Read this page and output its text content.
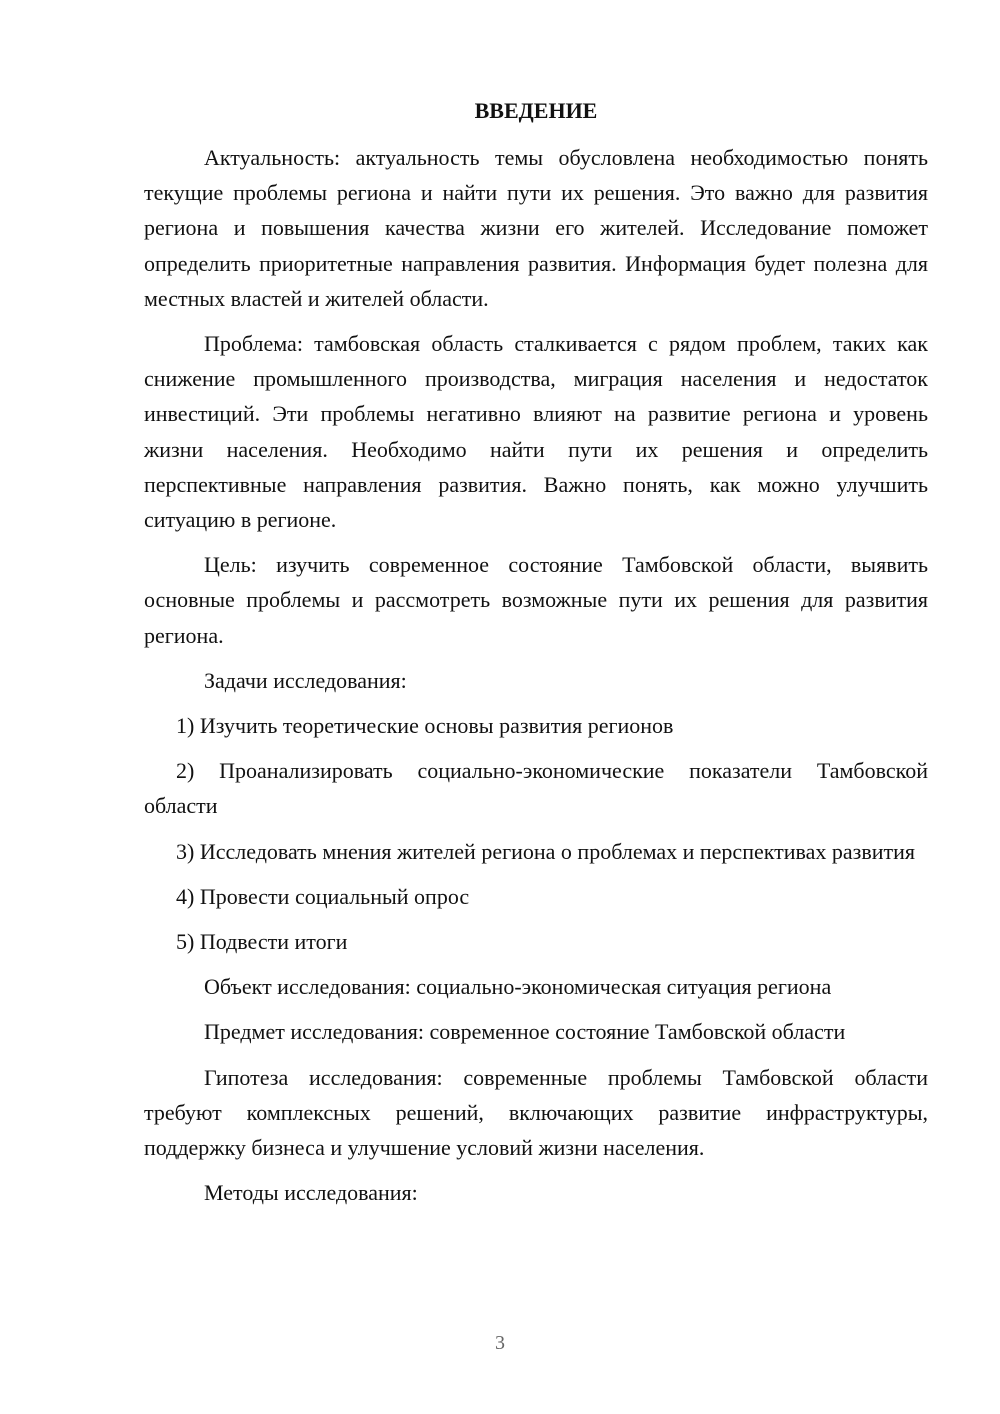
ВВЕДЕНИЕ

Актуальность: актуальность темы обусловлена необходимостью понять текущие проблемы региона и найти пути их решения. Это важно для развития региона и повышения качества жизни его жителей. Исследование поможет определить приоритетные направления развития. Информация будет полезна для местных властей и жителей области.

Проблема: тамбовская область сталкивается с рядом проблем, таких как снижение промышленного производства, миграция населения и недостаток инвестиций. Эти проблемы негативно влияют на развитие региона и уровень жизни населения. Необходимо найти пути их решения и определить перспективные направления развития. Важно понять, как можно улучшить ситуацию в регионе.

Цель: изучить современное состояние Тамбовской области, выявить основные проблемы и рассмотреть возможные пути их решения для развития региона.

Задачи исследования:

1) Изучить теоретические основы развития регионов

2) Проанализировать социально-экономические показатели Тамбовской области

3) Исследовать мнения жителей региона о проблемах и перспективах развития

4) Провести социальный опрос

5) Подвести итоги

Объект исследования: социально-экономическая ситуация региона

Предмет исследования: современное состояние Тамбовской области

Гипотеза исследования: современные проблемы Тамбовской области требуют комплексных решений, включающих развитие инфраструктуры, поддержку бизнеса и улучшение условий жизни населения.

Методы исследования:

3
